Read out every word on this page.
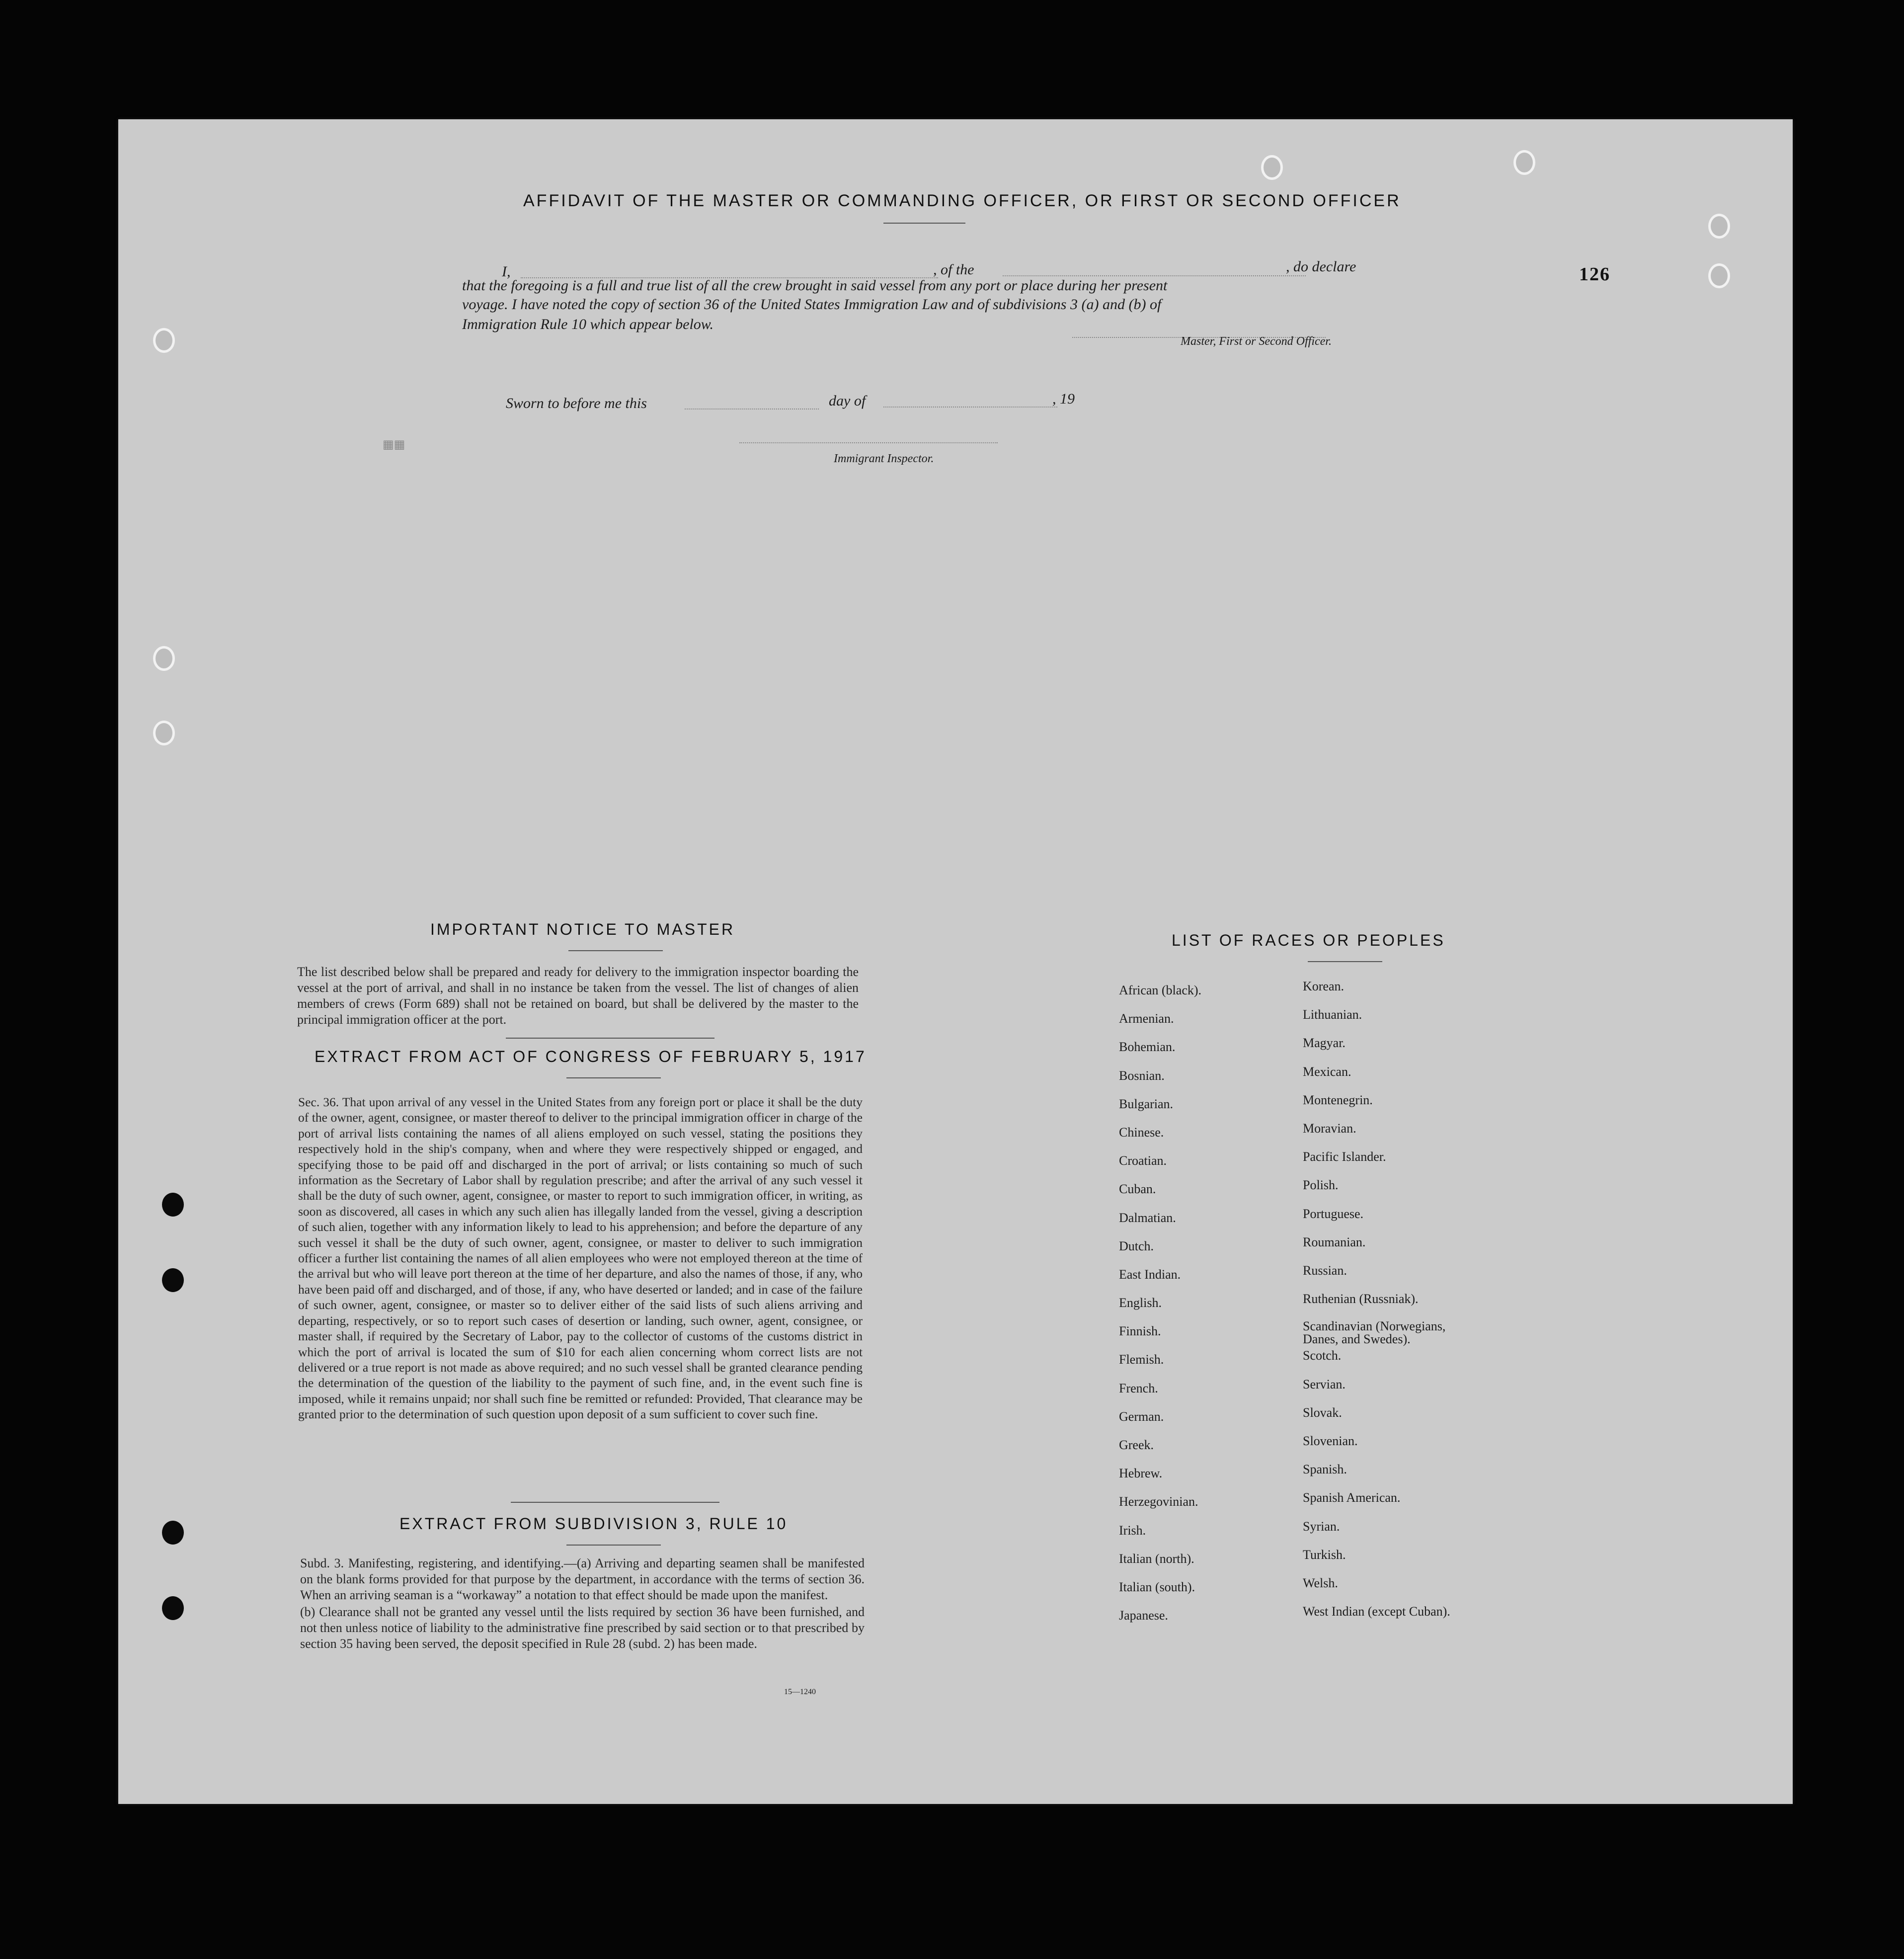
▦▦
AFFIDAVIT OF THE MASTER OR COMMANDING OFFICER, OR FIRST OR SECOND OFFICER
I,	, of the	, do declare
that the foregoing is a full and true list of all the crew brought in said vessel from any port or place during her present
voyage. I have noted the copy of section 36 of the United States Immigration Law and of subdivisions 3 (a) and (b) of
Immigration Rule 10 which appear below.
Master, First or Second Officer.
126
Sworn to before me this	day of	, 19
Immigrant Inspector.
IMPORTANT NOTICE TO MASTER
The list described below shall be prepared and ready for delivery to the immigration inspector boarding the vessel at the port of arrival, and shall in no instance be taken from the vessel. The list of changes of alien members of crews (Form 689) shall not be retained on board, but shall be delivered by the master to the principal immigration officer at the port.
EXTRACT FROM ACT OF CONGRESS OF FEBRUARY 5, 1917
Sec. 36. That upon arrival of any vessel in the United States from any foreign port or place it shall be the duty of the owner, agent, consignee, or master thereof to deliver to the principal immigration officer in charge of the port of arrival lists containing the names of all aliens employed on such vessel, stating the positions they respectively hold in the ship's company, when and where they were respectively shipped or engaged, and specifying those to be paid off and discharged in the port of arrival; or lists containing so much of such information as the Secretary of Labor shall by regulation prescribe; and after the arrival of any such vessel it shall be the duty of such owner, agent, consignee, or master to report to such immigration officer, in writing, as soon as discovered, all cases in which any such alien has illegally landed from the vessel, giving a description of such alien, together with any information likely to lead to his apprehension; and before the departure of any such vessel it shall be the duty of such owner, agent, consignee, or master to deliver to such immigration officer a further list containing the names of all alien employees who were not employed thereon at the time of the arrival but who will leave port thereon at the time of her departure, and also the names of those, if any, who have been paid off and discharged, and of those, if any, who have deserted or landed; and in case of the failure of such owner, agent, consignee, or master so to deliver either of the said lists of such aliens arriving and departing, respectively, or so to report such cases of desertion or landing, such owner, agent, consignee, or master shall, if required by the Secretary of Labor, pay to the collector of customs of the customs district in which the port of arrival is located the sum of $10 for each alien concerning whom correct lists are not delivered or a true report is not made as above required; and no such vessel shall be granted clearance pending the determination of the question of the liability to the payment of such fine, and, in the event such fine is imposed, while it remains unpaid; nor shall such fine be remitted or refunded: Provided, That clearance may be granted prior to the determination of such question upon deposit of a sum sufficient to cover such fine.
EXTRACT FROM SUBDIVISION 3, RULE 10

Subd. 3. Manifesting, registering, and identifying.—(a) Arriving and departing seamen shall be manifested on the blank forms provided for that purpose by the department, in accordance with the terms of section 36. When an arriving seaman is a “workaway” a notation to that effect should be made upon the manifest.

(b) Clearance shall not be granted any vessel until the lists required by section 36 have been furnished, and not then unless notice of liability to the administrative fine prescribed by said section or to that prescribed by section 35 having been served, the deposit specified in Rule 28 (subd. 2) has been made.

15—1240
LIST OF RACES OR PEOPLES
African (black).
Armenian.
Bohemian.
Bosnian.
Bulgarian.
Chinese.
Croatian.
Cuban.
Dalmatian.
Dutch.
East Indian.
English.
Finnish.
Flemish.
French.
German.
Greek.
Hebrew.
Herzegovinian.
Irish.
Italian (north).
Italian (south).
Japanese.
Korean.
Lithuanian.
Magyar.
Mexican.
Montenegrin.
Moravian.
Pacific Islander.
Polish.
Portuguese.
Roumanian.
Russian.
Ruthenian (Russniak).
Scandinavian (Norwegians, Danes, and Swedes).
Scotch.
Servian.
Slovak.
Slovenian.
Spanish.
Spanish American.
Syrian.
Turkish.
Welsh.
West Indian (except Cuban).
